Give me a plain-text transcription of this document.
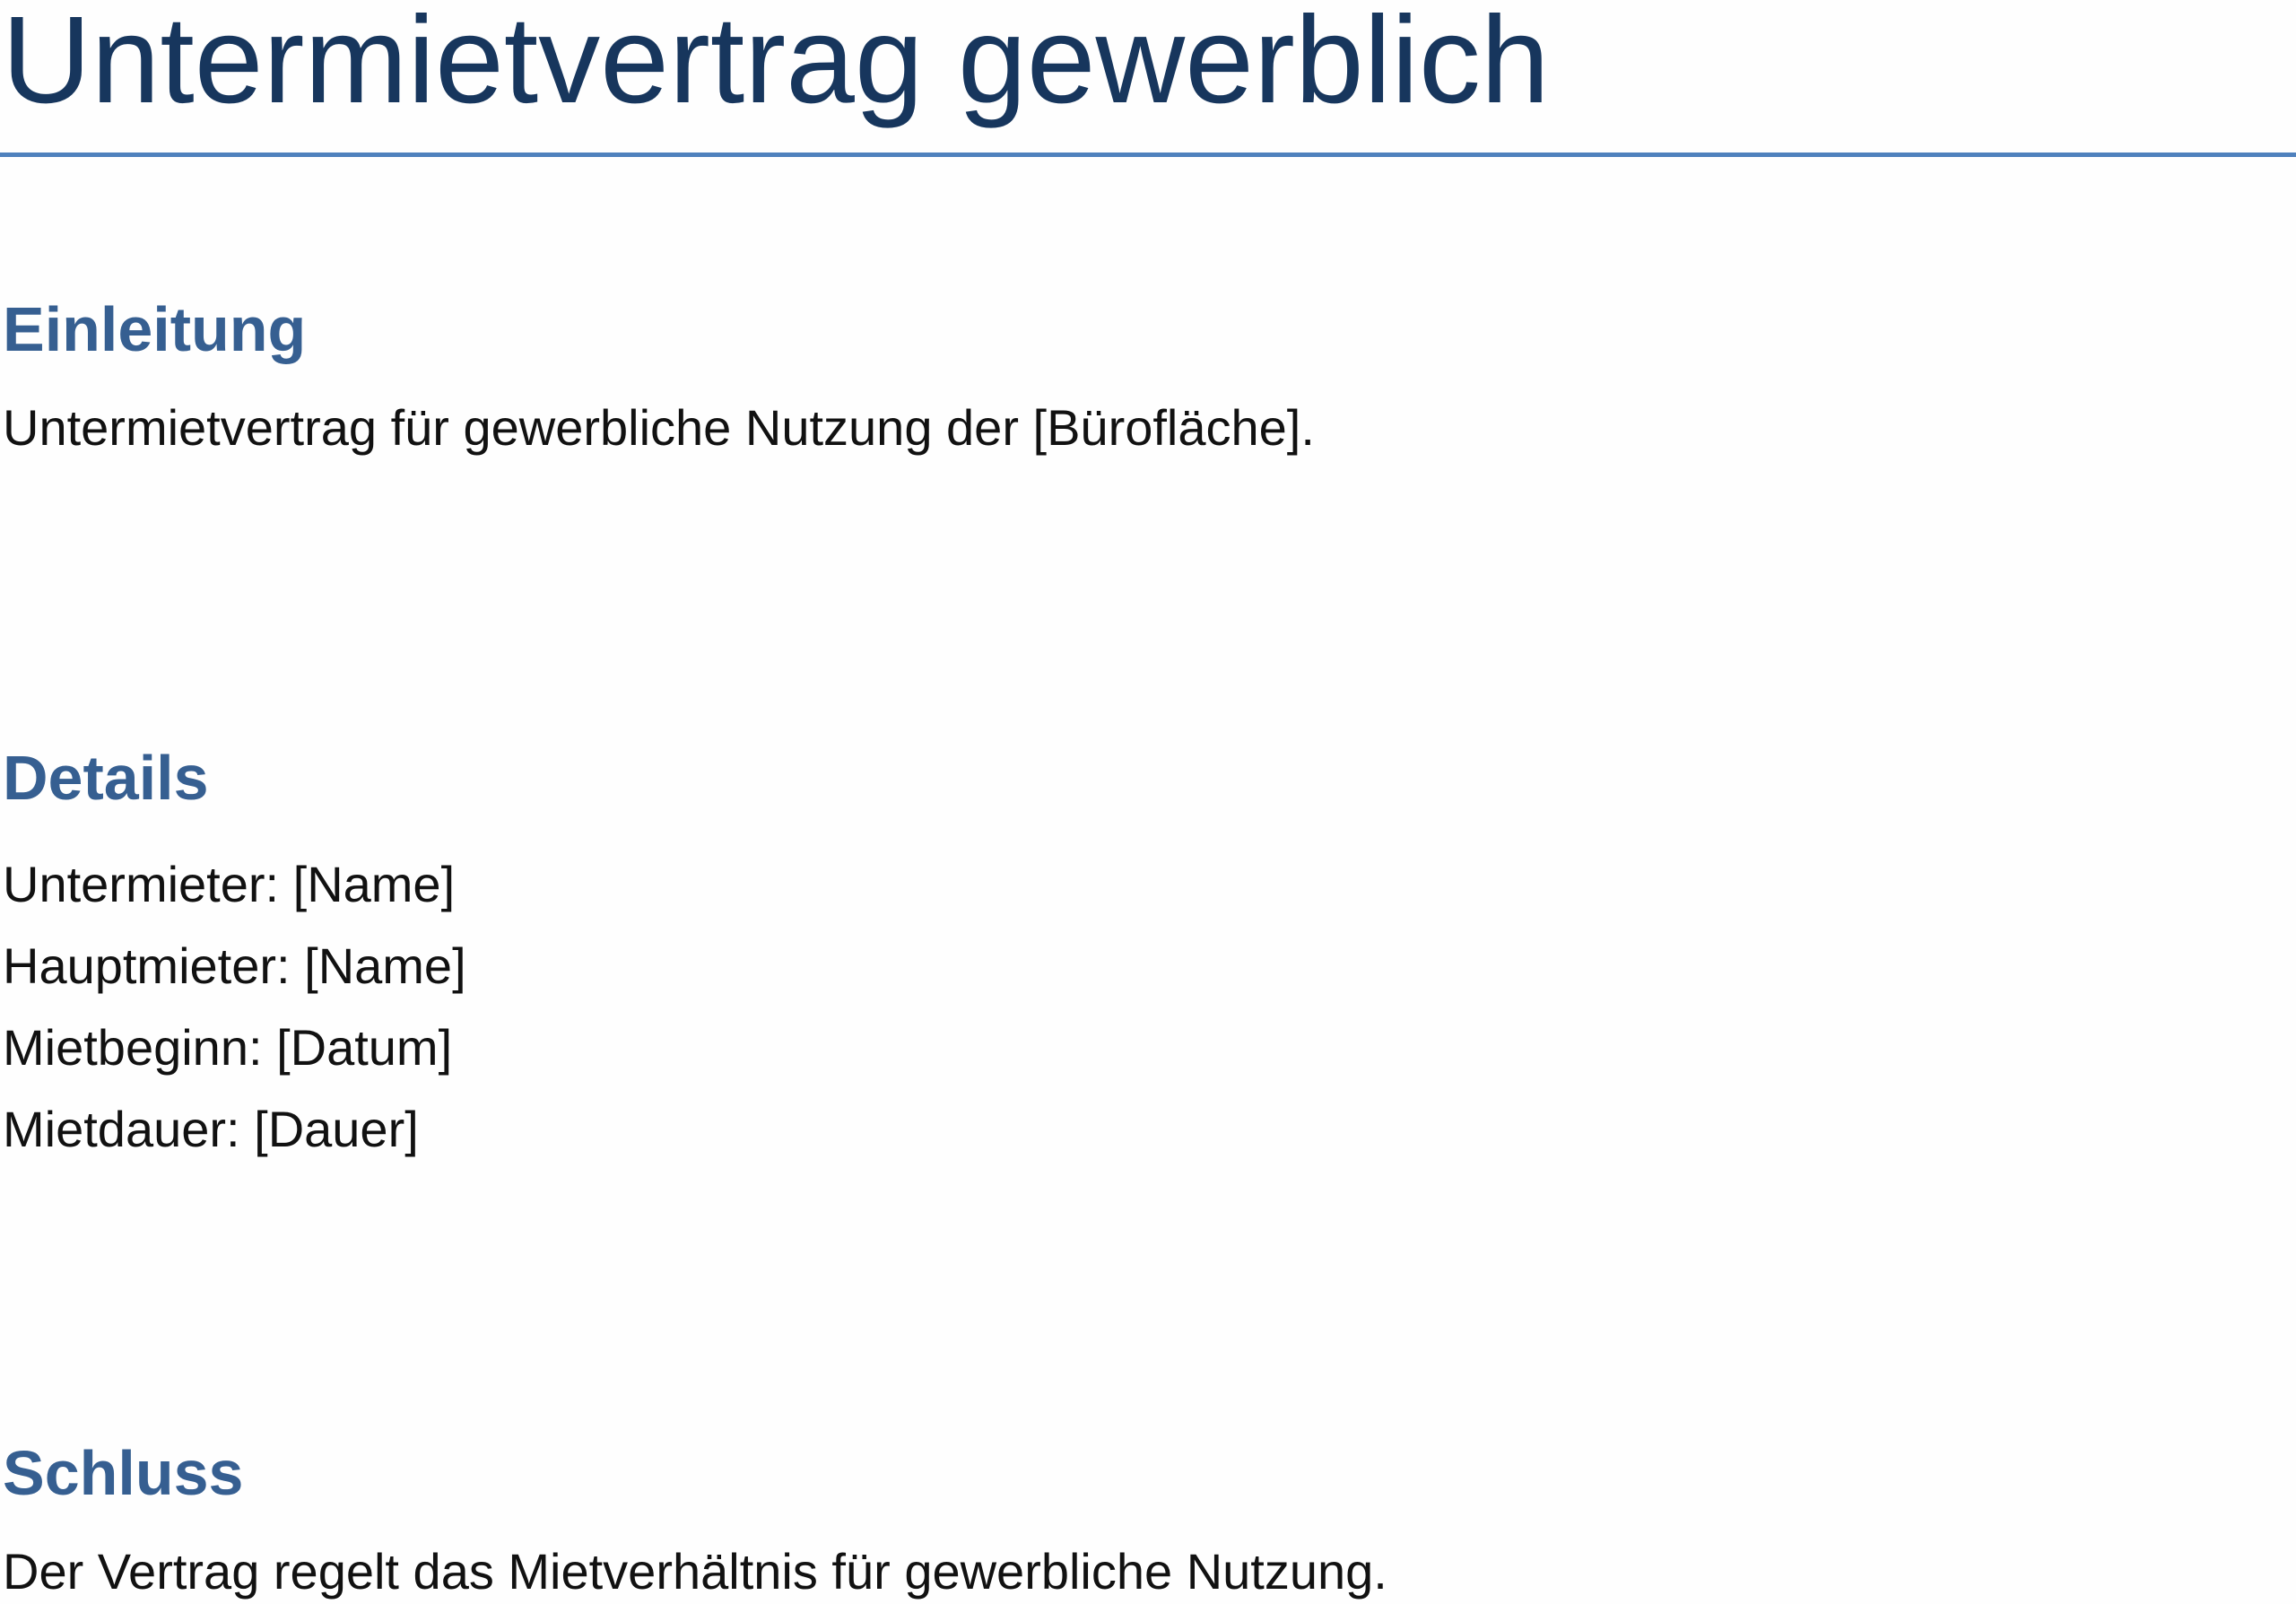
Untermietvertrag gewerblich
Einleitung

Untermietvertrag für gewerbliche Nutzung der [Bürofläche].

Details
Untermieter: [Name]
Hauptmieter: [Name]
Mietbeginn: [Datum]
Mietdauer: [Dauer]
Schluss

Der Vertrag regelt das Mietverhältnis für gewerbliche Nutzung.
